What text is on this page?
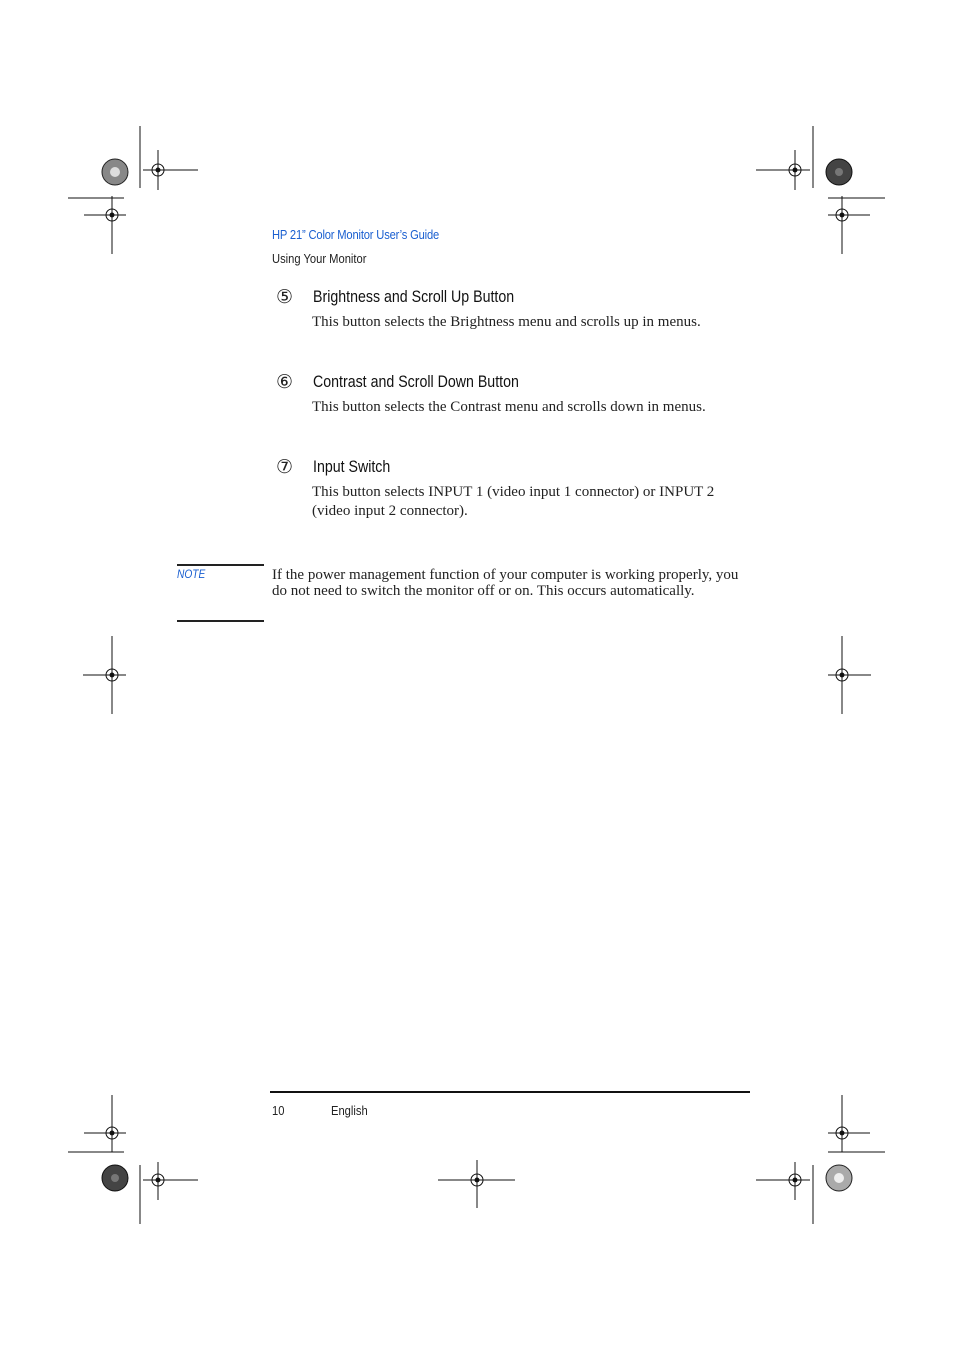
HP 21” Color Monitor User’s Guide
Using Your Monitor
⑤ Brightness and Scroll Up Button
This button selects the Brightness menu and scrolls up in menus.
⑥ Contrast and Scroll Down Button
This button selects the Contrast menu and scrolls down in menus.
⑦ Input Switch
This button selects INPUT 1 (video input 1 connector) or INPUT 2 (video input 2 connector).
NOTE	If the power management function of your computer is working properly, you do not need to switch the monitor off or on. This occurs automatically.
10	English
